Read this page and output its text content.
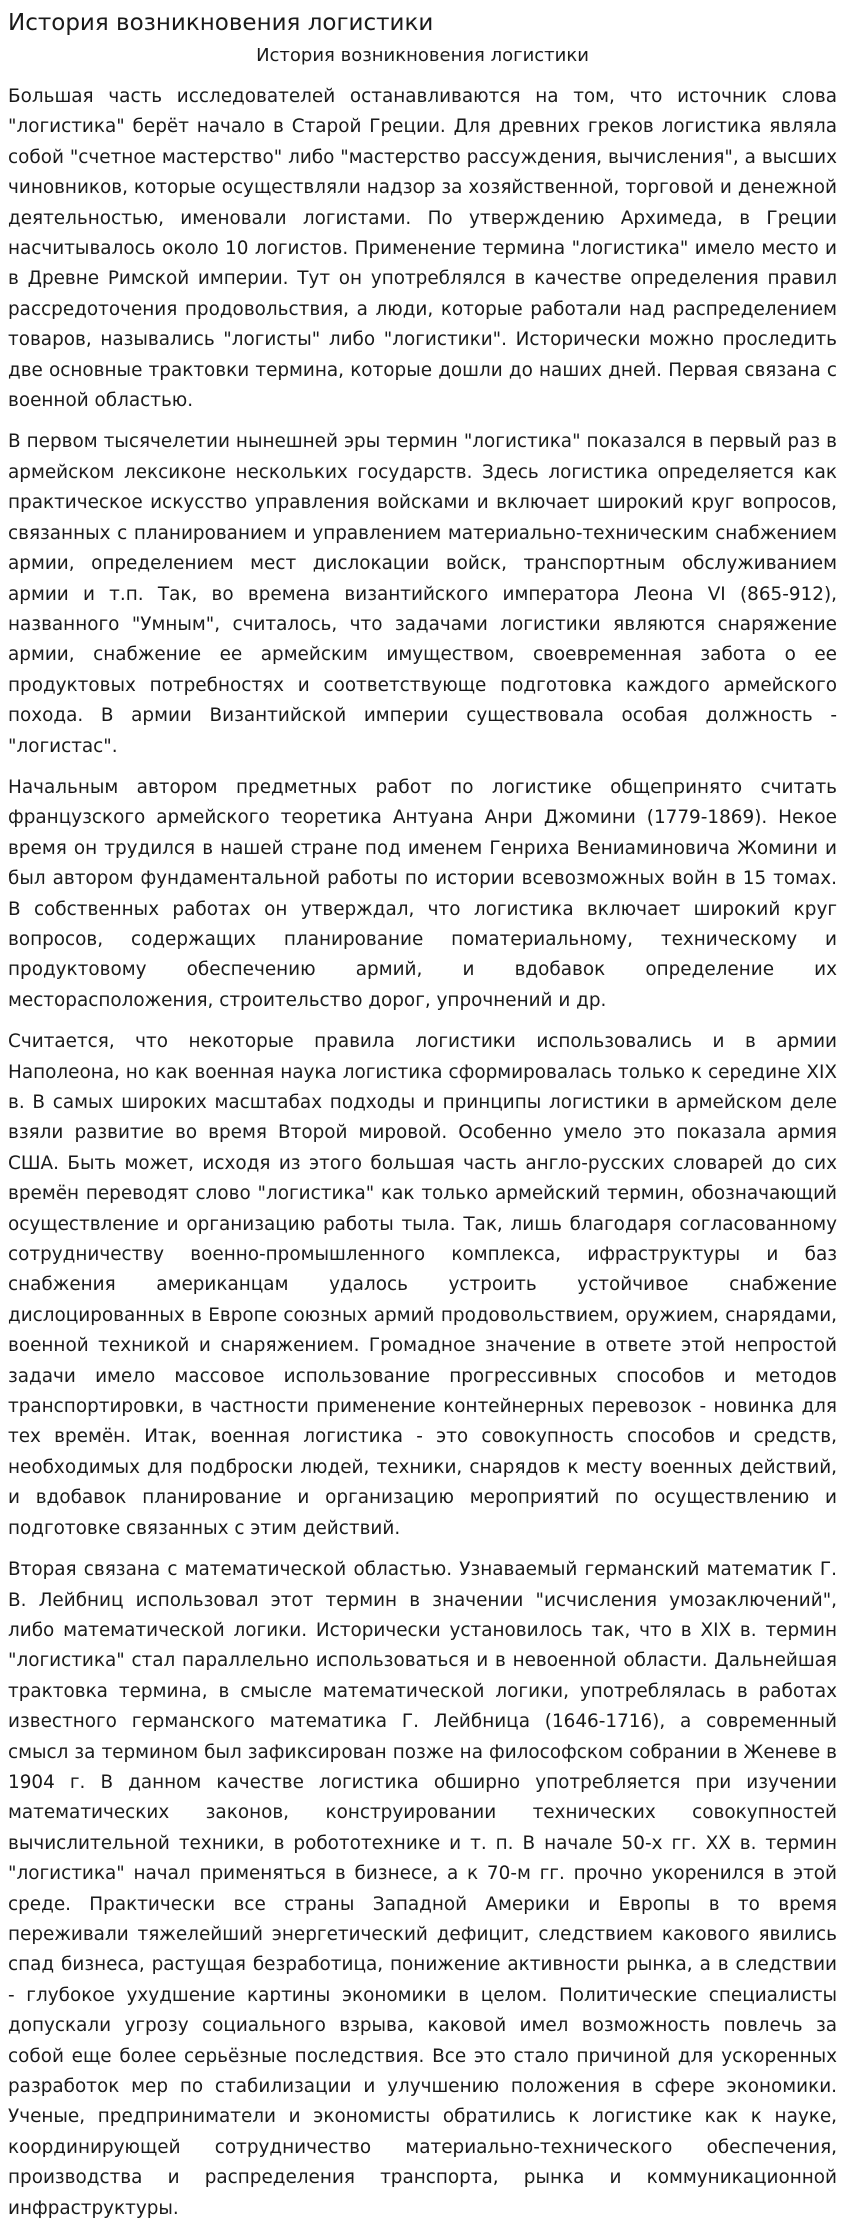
История возникновения логистики
История возникновения логистики

Большая часть исследователей останавливаются на том, что источник слова "логистика" берёт начало в Старой Греции. Для древних греков логистика являла собой "счетное мастерство" либо "мастерство рассуждения, вычисления", а высших чиновников, которые осуществляли надзор за хозяйственной, торговой и денежной деятельностью, именовали логистами. По утверждению Архимеда, в Греции насчитывалось около 10 логистов. Применение термина "логистика" имело место и в Древне Римской империи. Тут он употреблялся в качестве определения правил рассредоточения продовольствия, а люди, которые работали над распределением товаров, назывались "логисты" либо "логистики". Исторически можно проследить две основные трактовки термина, которые дошли до наших дней. Первая связана с военной областью.

В первом тысячелетии нынешней эры термин "логистика" показался в первый раз в армейском лексиконе нескольких государств. Здесь логистика определяется как практическое искусство управления войсками и включает широкий круг вопросов, связанных с планированием и управлением материально-техническим снабжением армии, определением мест дислокации войск, транспортным обслуживанием армии и т.п. Так, во времена византийского императора Леона VI (865-912), названного "Умным", считалось, что задачами логистики являются снаряжение армии, снабжение ее армейским имуществом, своевременная забота о ее продуктовых потребностях и соответствующе подготовка каждого армейского похода. В армии Византийской империи существовала особая должность - "логистас".

Начальным автором предметных работ по логистике общепринято считать французского армейского теоретика Антуана Анри Джомини (1779-1869). Некое время он трудился в нашей стране под именем Генриха Вениаминовича Жомини и был автором фундаментальной работы по истории всевозможных войн в 15 томах. В собственных работах он утверждал, что логистика включает широкий круг вопросов, содержащих планирование поматериальному, техническому и продуктовому обеспечению армий, и вдобавок определение их месторасположения, строительство дорог, упрочнений и др.

Считается, что некоторые правила логистики использовались и в армии Наполеона, но как военная наука логистика сформировалась только к середине XIX в. В самых широких масштабах подходы и принципы логистики в армейском деле взяли развитие во время Второй мировой. Особенно умело это показала армия США. Быть может, исходя из этого большая часть англо-русских словарей до сих времён переводят слово "логистика" как только армейский термин, обозначающий осуществление и организацию работы тыла. Так, лишь благодаря согласованному сотрудничеству военно-промышленного комплекса, ифраструктуры и баз снабжения американцам удалось устроить устойчивое снабжение дислоцированных в Европе союзных армий продовольствием, оружием, снарядами, военной техникой и снаряжением. Громадное значение в ответе этой непростой задачи имело массовое использование прогрессивных способов и методов транспортировки, в частности применение контейнерных перевозок - новинка для тех времён. Итак, военная логистика - это совокупность способов и средств, необходимых для подброски людей, техники, снарядов к месту военных действий, и вдобавок планирование и организацию мероприятий по осуществлению и подготовке связанных с этим действий.

Вторая связана с математической областью. Узнаваемый германский математик Г. В. Лейбниц использовал этот термин в значении "исчисления умозаключений", либо математической логики. Исторически установилось так, что в XIX в. термин "логистика" стал параллельно использоваться и в невоенной области. Дальнейшая трактовка термина, в смысле математической логики, употреблялась в работах известного германского математика Г. Лейбница (1646-1716), а современный смысл за термином был зафиксирован позже на философском собрании в Женеве в 1904 г. В данном качестве логистика обширно употребляется при изучении математических законов, конструировании технических совокупностей вычислительной техники, в робототехнике и т. п. В начале 50-х гг. XX в. термин "логистика" начал применяться в бизнесе, а к 70-м гг. прочно укоренился в этой среде. Практически все страны Западной Америки и Европы в то время переживали тяжелейший энергетический дефицит, следствием какового явились спад бизнеса, растущая безработица, понижение активности рынка, а в следствии - глубокое ухудшение картины экономики в целом. Политические специалисты допускали угрозу социального взрыва, каковой имел возможность повлечь за собой еще более серьёзные последствия. Все это стало причиной для ускоренных разработок мер по стабилизации и улучшению положения в сфере экономики. Ученые, предприниматели и экономисты обратились к логистике как к науке, координирующей сотрудничество материально-технического обеспечения, производства и распределения транспорта, рынка и коммуникационной инфраструктуры.
